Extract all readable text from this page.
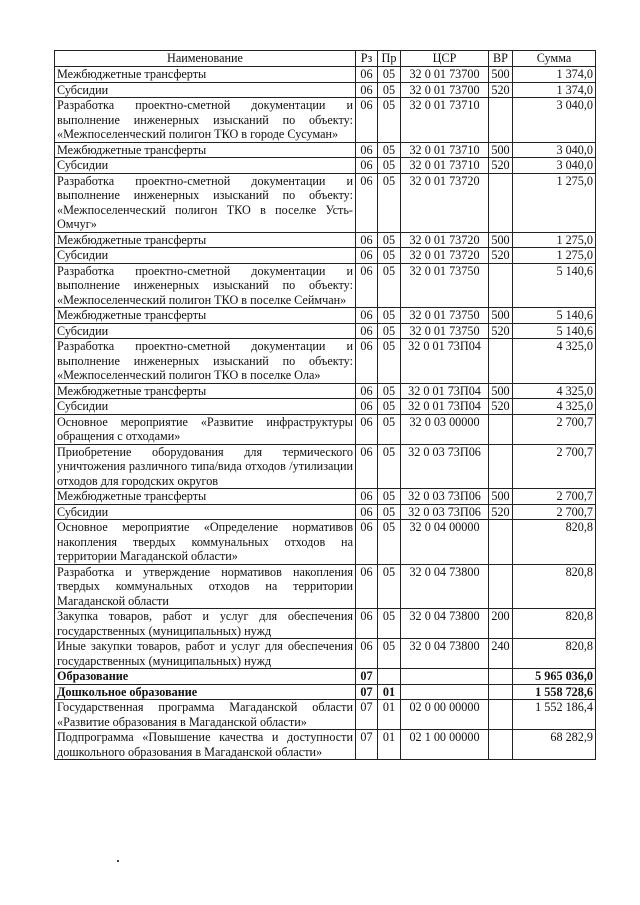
Наименование	Рз	Пр	ЦСР	ВР	Сумма
Межбюджетные трансферты	06	05	32 0 01 73700	500	1 374,0
Субсидии	06	05	32 0 01 73700	520	1 374,0
Разработка проектно-сметной документации и выполнение инженерных изысканий по объекту: «Межпоселенческий полигон ТКО в городе Сусуман»	06	05	32 0 01 73710		3 040,0
Межбюджетные трансферты	06	05	32 0 01 73710	500	3 040,0
Субсидии	06	05	32 0 01 73710	520	3 040,0
Разработка проектно-сметной документации и выполнение инженерных изысканий по объекту: «Межпоселенческий полигон ТКО в поселке Усть-Омчуг»	06	05	32 0 01 73720		1 275,0
Межбюджетные трансферты	06	05	32 0 01 73720	500	1 275,0
Субсидии	06	05	32 0 01 73720	520	1 275,0
Разработка проектно-сметной документации и выполнение инженерных изысканий по объекту: «Межпоселенческий полигон ТКО в поселке Сеймчан»	06	05	32 0 01 73750		5 140,6
Межбюджетные трансферты	06	05	32 0 01 73750	500	5 140,6
Субсидии	06	05	32 0 01 73750	520	5 140,6
Разработка проектно-сметной документации и выполнение инженерных изысканий по объекту: «Межпоселенческий полигон ТКО в поселке Ола»	06	05	32 0 01 73П04		4 325,0
Межбюджетные трансферты	06	05	32 0 01 73П04	500	4 325,0
Субсидии	06	05	32 0 01 73П04	520	4 325,0
Основное мероприятие «Развитие инфраструктуры обращения с отходами»	06	05	32 0 03 00000		2 700,7
Приобретение оборудования для термического уничтожения различного типа/вида отходов /утилизации отходов для городских округов	06	05	32 0 03 73П06		2 700,7
Межбюджетные трансферты	06	05	32 0 03 73П06	500	2 700,7
Субсидии	06	05	32 0 03 73П06	520	2 700,7
Основное мероприятие «Определение нормативов накопления твердых коммунальных отходов на территории Магаданской области»	06	05	32 0 04 00000		820,8
Разработка и утверждение нормативов накопления твердых коммунальных отходов на территории Магаданской области	06	05	32 0 04 73800		820,8
Закупка товаров, работ и услуг для обеспечения государственных (муниципальных) нужд	06	05	32 0 04 73800	200	820,8
Иные закупки товаров, работ и услуг для обеспечения государственных (муниципальных) нужд	06	05	32 0 04 73800	240	820,8
Образование	07				5 965 036,0
Дошкольное образование	07	01			1 558 728,6
Государственная программа Магаданской области «Развитие образования в Магаданской области»	07	01	02 0 00 00000		1 552 186,4
Подпрограмма «Повышение качества и доступности дошкольного образования в Магаданской области»	07	01	02 1 00 00000		68 282,9
